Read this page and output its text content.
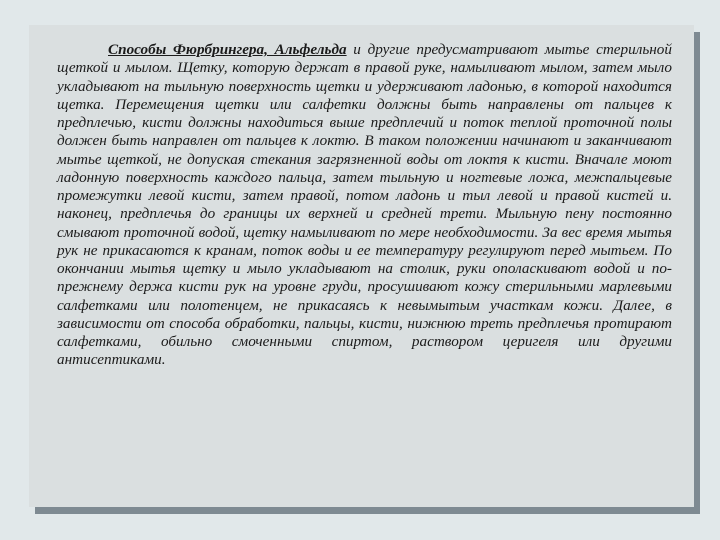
Способы Фюрбрингера, Альфельда и другие предусматривают мытье стерильной щеткой и мылом. Щетку, которую держат в правой руке, намыливают мылом, затем мыло укладывают на тыльную поверхность щетки и удерживают ладонью, в которой находится щетка. Перемещения щетки или салфетки должны быть направлены от пальцев к предплечью, кисти должны находиться выше предплечий и поток теплой проточной полы должен быть направлен от пальцев к локтю. В таком положении начинают и заканчивают мытье щеткой, не допуская стекания загрязненной воды от локтя к кисти. Вначале моют ладонную поверхность каждого пальца, затем тыльную и ногтевые ложа, межпальцевые промежутки левой кисти, затем правой, потом ладонь и тыл левой и правой кистей и. наконец, предплечья до границы их верхней и средней трети. Мыльную пену постоянно смывают проточной водой, щетку намыливают по мере необходимости. За вес время мытья рук не прикасаются к кранам, поток воды и ее температуру регулируют перед мытьем. По окончании мытья щетку и мыло укладывают на столик, руки ополаскивают водой и по-прежнему держа кисти рук на уровне груди, просушивают кожу стерильными марлевыми салфетками или полотенцем, не прикасаясь к невымытым участкам кожи. Далее, в зависимости от способа обработки, пальцы, кисти, нижнюю треть предплечья протирают салфетками, обильно смоченными спиртом, раствором церигеля или другими антисептиками.
